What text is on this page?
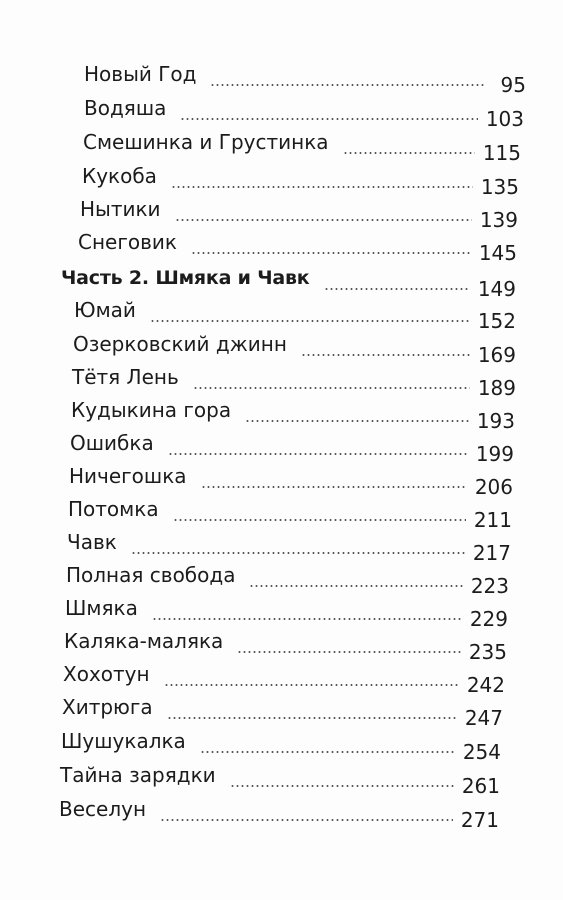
Новый Год	95
Водяша	103
Смешинка и Грустинка	115
Кукоба	135
Нытики	139
Снеговик	145
Часть 2. Шмяка и Чавк	149
Юмай	152
Озерковский джинн	169
Тётя Лень	189
Кудыкина гора	193
Ошибка	199
Ничегошка	206
Потомка	211
Чавк	217
Полная свобода	223
Шмяка	229
Каляка-маляка	235
Хохотун	242
Хитрюга	247
Шушукалка	254
Тайна зарядки	261
Веселун	271
